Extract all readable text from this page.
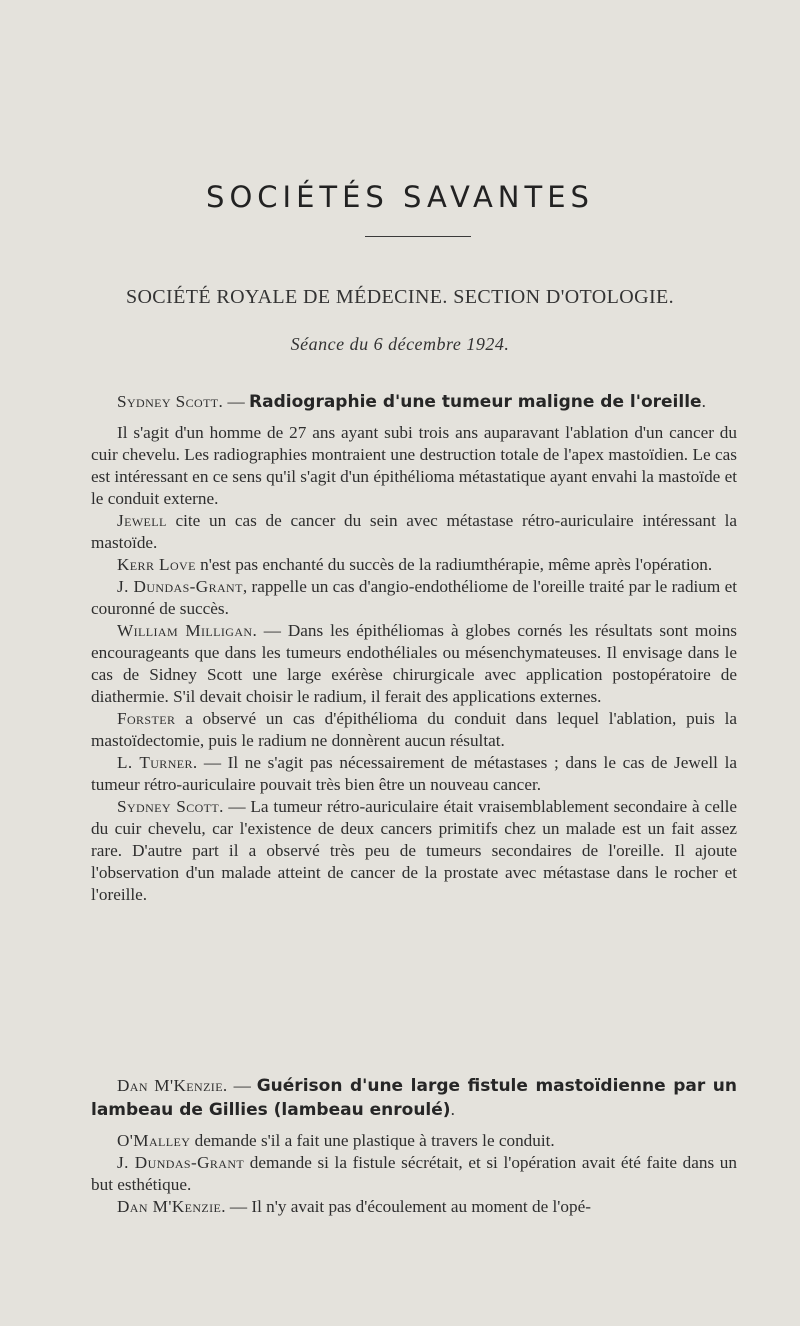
SOCIÉTÉS SAVANTES
SOCIÉTÉ ROYALE DE MÉDECINE. SECTION D'OTOLOGIE.
Séance du 6 décembre 1924.

Sydney Scott. — Radiographie d'une tumeur maligne de l'oreille.

Il s'agit d'un homme de 27 ans ayant subi trois ans auparavant l'ablation d'un cancer du cuir chevelu. Les radiographies montraient une destruction totale de l'apex mastoïdien. Le cas est intéressant en ce sens qu'il s'agit d'un épithélioma métastatique ayant envahi la mastoïde et le conduit externe.

Jewell cite un cas de cancer du sein avec métastase rétro-auriculaire intéressant la mastoïde.

Kerr Love n'est pas enchanté du succès de la radiumthérapie, même après l'opération.

J. Dundas-Grant, rappelle un cas d'angio-endothéliome de l'oreille traité par le radium et couronné de succès.

William Milligan. — Dans les épithéliomas à globes cornés les résultats sont moins encourageants que dans les tumeurs endothéliales ou mésenchymateuses. Il envisage dans le cas de Sidney Scott une large exérèse chirurgicale avec application postopératoire de diathermie. S'il devait choisir le radium, il ferait des applications externes.

Forster a observé un cas d'épithélioma du conduit dans lequel l'ablation, puis la mastoïdectomie, puis le radium ne donnèrent aucun résultat.

L. Turner. — Il ne s'agit pas nécessairement de métastases ; dans le cas de Jewell la tumeur rétro-auriculaire pouvait très bien être un nouveau cancer.

Sydney Scott. — La tumeur rétro-auriculaire était vraisemblablement secondaire à celle du cuir chevelu, car l'existence de deux cancers primitifs chez un malade est un fait assez rare. D'autre part il a observé très peu de tumeurs secondaires de l'oreille. Il ajoute l'observation d'un malade atteint de cancer de la prostate avec métastase dans le rocher et l'oreille.

Dan M'Kenzie. — Guérison d'une large fistule mastoïdienne par un lambeau de Gillies (lambeau enroulé).

O'Malley demande s'il a fait une plastique à travers le conduit.

J. Dundas-Grant demande si la fistule sécrétait, et si l'opération avait été faite dans un but esthétique.

Dan M'Kenzie. — Il n'y avait pas d'écoulement au moment de l'opé-
